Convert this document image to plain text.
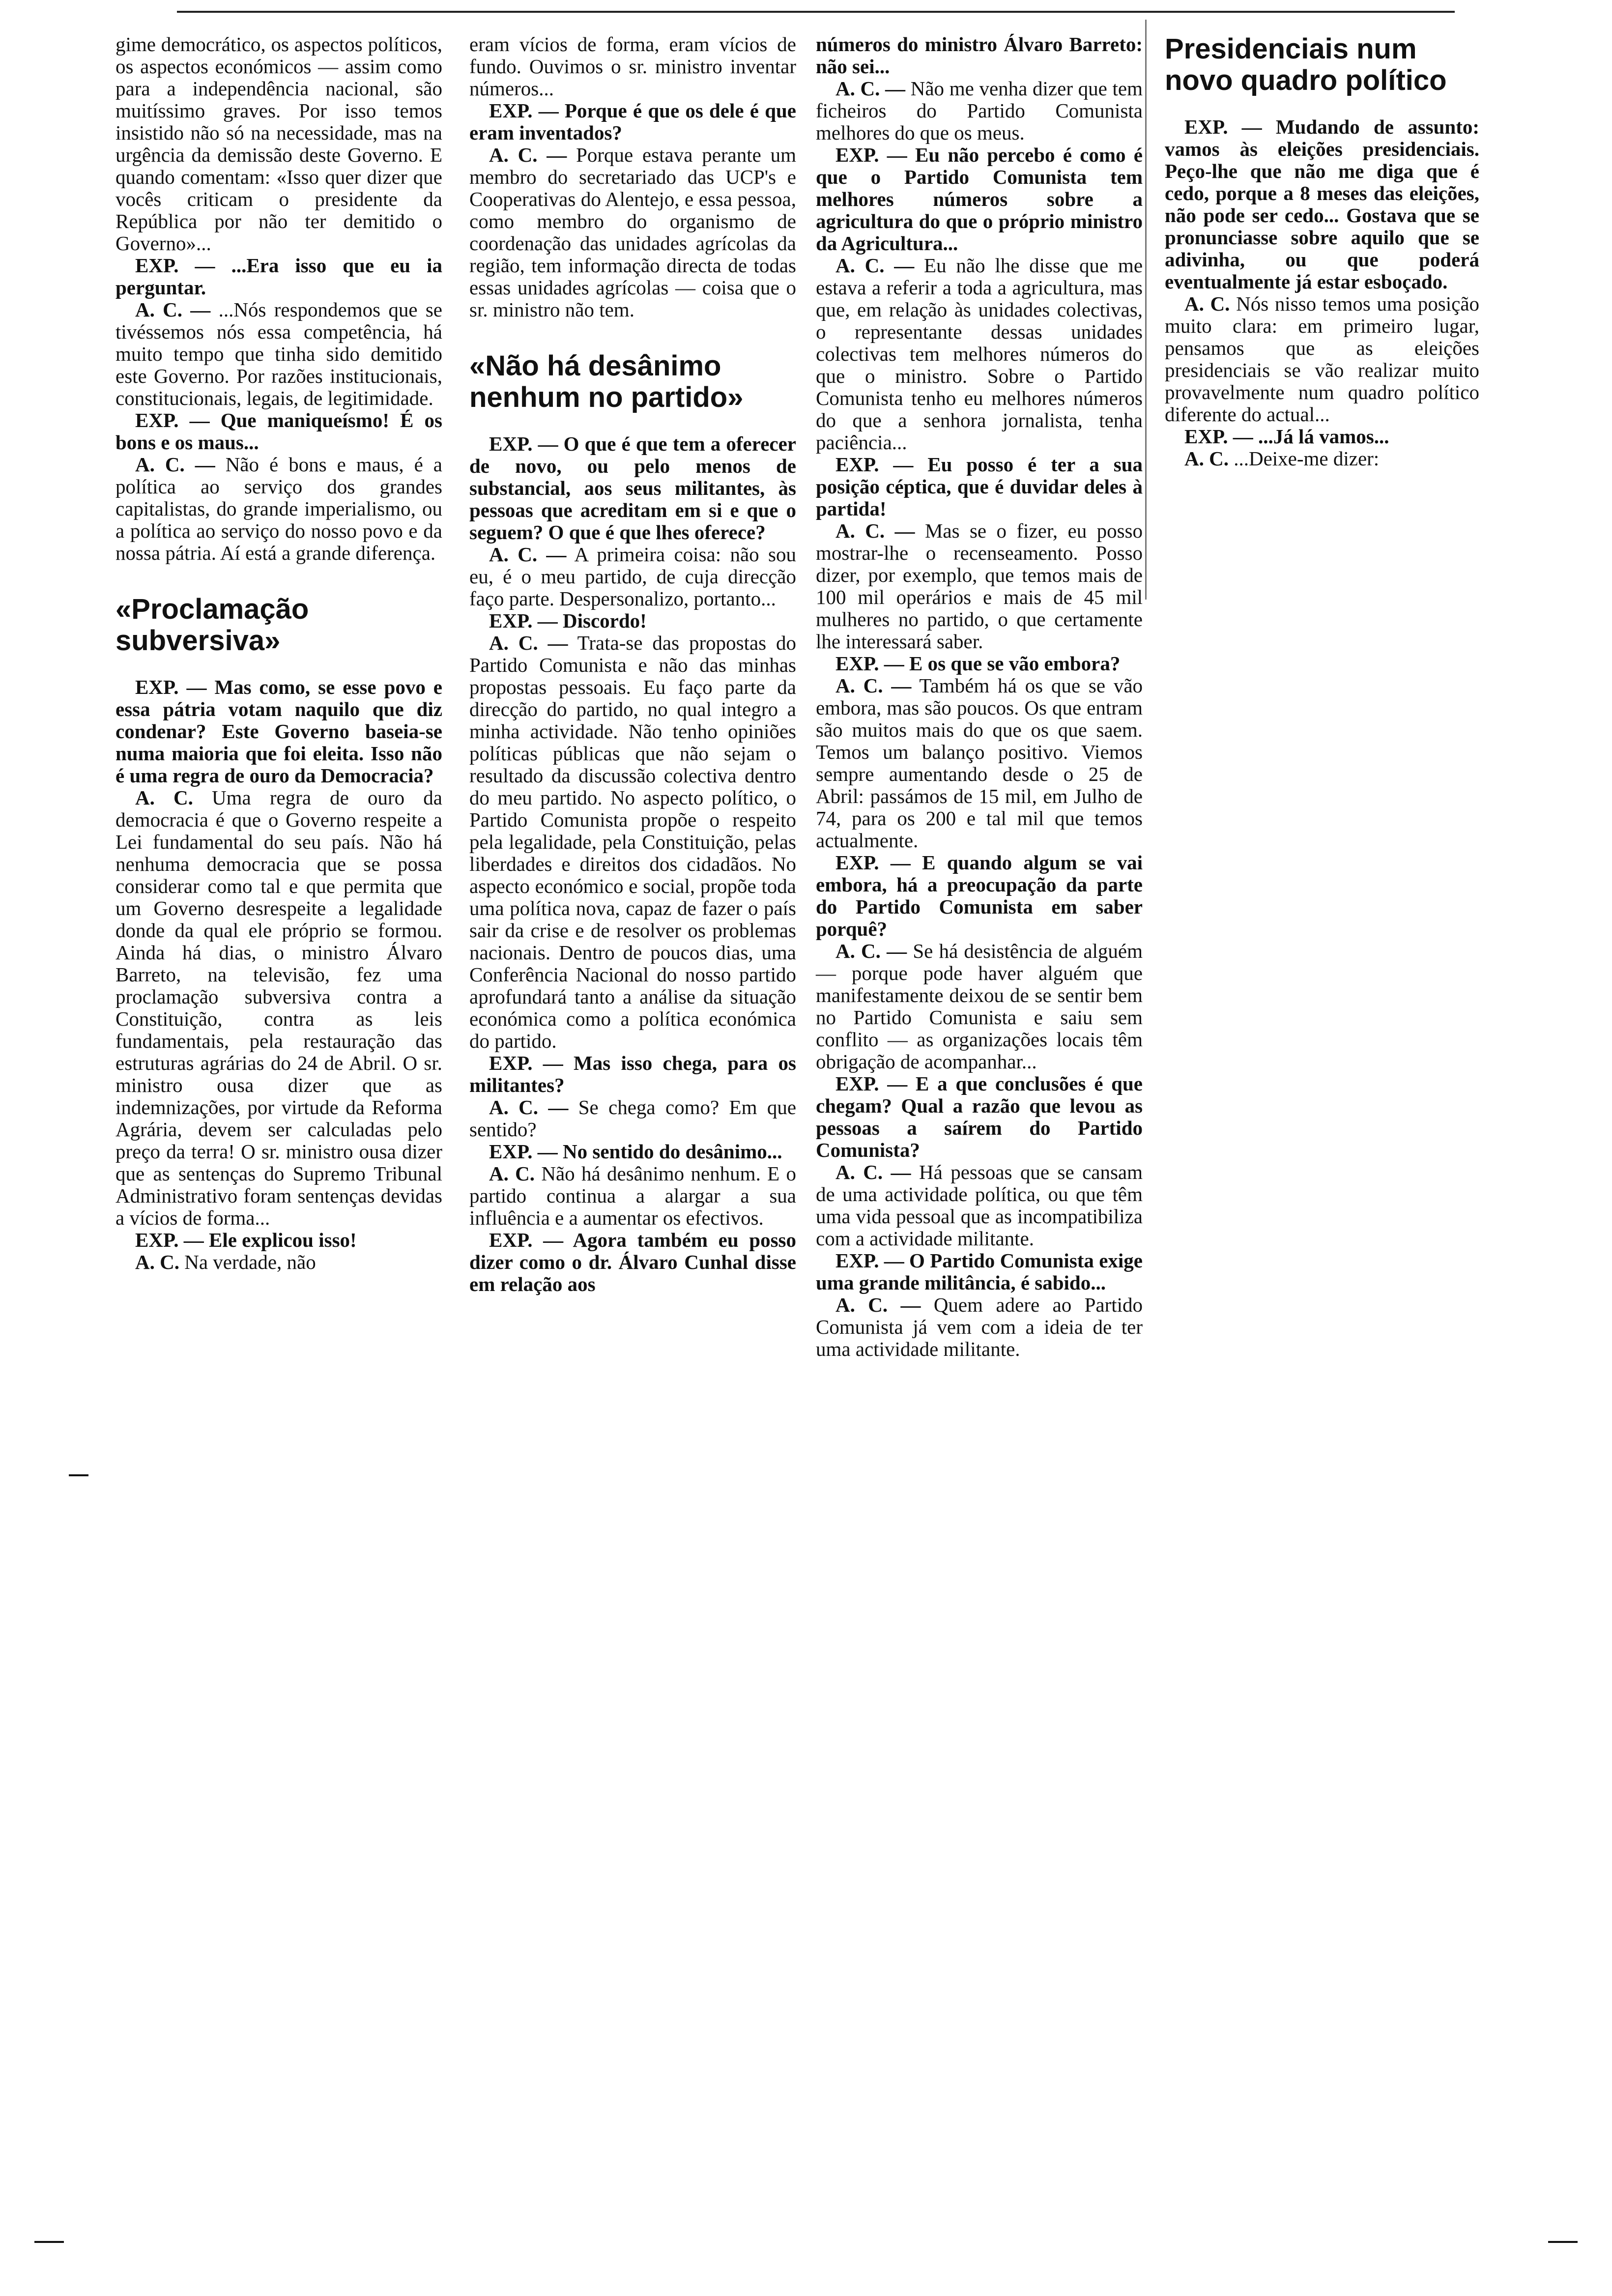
gime democrático, os aspectos políticos, os aspectos económicos — assim como para a independência nacional, são muitíssimo graves. Por isso temos insistido não só na necessidade, mas na urgência da demissão deste Governo. E quando comentam: «Isso quer dizer que vocês criticam o presidente da República por não ter demitido o Governo»...

EXP. — ...Era isso que eu ia perguntar.

A. C. — ...Nós respondemos que se tivéssemos nós essa competência, há muito tempo que tinha sido demitido este Governo. Por razões institucionais, constitucionais, legais, de legitimidade.

EXP. — Que maniqueísmo! É os bons e os maus...

A. C. — Não é bons e maus, é a política ao serviço dos grandes capitalistas, do grande imperialismo, ou a política ao serviço do nosso povo e da nossa pátria. Aí está a grande diferença.

«Proclamação subversiva»

EXP. — Mas como, se esse povo e essa pátria votam naquilo que diz condenar? Este Governo baseia-se numa maioria que foi eleita. Isso não é uma regra de ouro da Democracia?

A. C. Uma regra de ouro da democracia é que o Governo respeite a Lei fundamental do seu país. Não há nenhuma democracia que se possa considerar como tal e que permita que um Governo desrespeite a legalidade donde da qual ele próprio se formou. Ainda há dias, o ministro Álvaro Barreto, na televisão, fez uma proclamação subversiva contra a Constituição, contra as leis fundamentais, pela restauração das estruturas agrárias do 24 de Abril. O sr. ministro ousa dizer que as indemnizações, por virtude da Reforma Agrária, devem ser calculadas pelo preço da terra! O sr. ministro ousa dizer que as sentenças do Supremo Tribunal Administrativo foram sentenças devidas a vícios de forma...

EXP. — Ele explicou isso!

A. C. Na verdade, não

eram vícios de forma, eram vícios de fundo. Ouvimos o sr. ministro inventar números...

EXP. — Porque é que os dele é que eram inventados?

A. C. — Porque estava perante um membro do secretariado das UCP's e Cooperativas do Alentejo, e essa pessoa, como membro do organismo de coordenação das unidades agrícolas da região, tem informação directa de todas essas unidades agrícolas — coisa que o sr. ministro não tem.

«Não há desânimo nenhum no partido»

EXP. — O que é que tem a oferecer de novo, ou pelo menos de substancial, aos seus militantes, às pessoas que acreditam em si e que o seguem? O que é que lhes oferece?

A. C. — A primeira coisa: não sou eu, é o meu partido, de cuja direcção faço parte. Despersonalizo, portanto...

EXP. — Discordo!

A. C. — Trata-se das propostas do Partido Comunista e não das minhas propostas pessoais. Eu faço parte da direcção do partido, no qual integro a minha actividade. Não tenho opiniões políticas públicas que não sejam o resultado da discussão colectiva dentro do meu partido. No aspecto político, o Partido Comunista propõe o respeito pela legalidade, pela Constituição, pelas liberdades e direitos dos cidadãos. No aspecto económico e social, propõe toda uma política nova, capaz de fazer o país sair da crise e de resolver os problemas nacionais. Dentro de poucos dias, uma Conferência Nacional do nosso partido aprofundará tanto a análise da situação económica como a política económica do partido.

EXP. — Mas isso chega, para os militantes?

A. C. — Se chega como? Em que sentido?

EXP. — No sentido do desânimo...

A. C. Não há desânimo nenhum. E o partido continua a alargar a sua influência e a aumentar os efectivos.

EXP. — Agora também eu posso dizer como o dr. Álvaro Cunhal disse em relação aos

números do ministro Álvaro Barreto: não sei...

A. C. — Não me venha dizer que tem ficheiros do Partido Comunista melhores do que os meus.

EXP. — Eu não percebo é como é que o Partido Comunista tem melhores números sobre a agricultura do que o próprio ministro da Agricultura...

A. C. — Eu não lhe disse que me estava a referir a toda a agricultura, mas que, em relação às unidades colectivas, o representante dessas unidades colectivas tem melhores números do que o ministro. Sobre o Partido Comunista tenho eu melhores números do que a senhora jornalista, tenha paciência...

EXP. — Eu posso é ter a sua posição céptica, que é duvidar deles à partida!

A. C. — Mas se o fizer, eu posso mostrar-lhe o recenseamento. Posso dizer, por exemplo, que temos mais de 100 mil operários e mais de 45 mil mulheres no partido, o que certamente lhe interessará saber.

EXP. — E os que se vão embora?

A. C. — Também há os que se vão embora, mas são poucos. Os que entram são muitos mais do que os que saem. Temos um balanço positivo. Viemos sempre aumentando desde o 25 de Abril: passámos de 15 mil, em Julho de 74, para os 200 e tal mil que temos actualmente.

EXP. — E quando algum se vai embora, há a preocupação da parte do Partido Comunista em saber porquê?

A. C. — Se há desistência de alguém — porque pode haver alguém que manifestamente deixou de se sentir bem no Partido Comunista e saiu sem conflito — as organizações locais têm obrigação de acompanhar...

EXP. — E a que conclusões é que chegam? Qual a razão que levou as pessoas a saírem do Partido Comunista?

A. C. — Há pessoas que se cansam de uma actividade política, ou que têm uma vida pessoal que as incompatibiliza com a actividade militante.

EXP. — O Partido Comunista exige uma grande militância, é sabido...

A. C. — Quem adere ao Partido Comunista já vem com a ideia de ter uma actividade militante.

Presidenciais num novo quadro político

EXP. — Mudando de assunto: vamos às eleições presidenciais. Peço-lhe que não me diga que é cedo, porque a 8 meses das eleições, não pode ser cedo... Gostava que se pronunciasse sobre aquilo que se adivinha, ou que poderá eventualmente já estar esboçado.

A. C. Nós nisso temos uma posição muito clara: em primeiro lugar, pensamos que as eleições presidenciais se vão realizar muito provavelmente num quadro político diferente do actual...

EXP. — ...Já lá vamos...

A. C. ...Deixe-me dizer:
